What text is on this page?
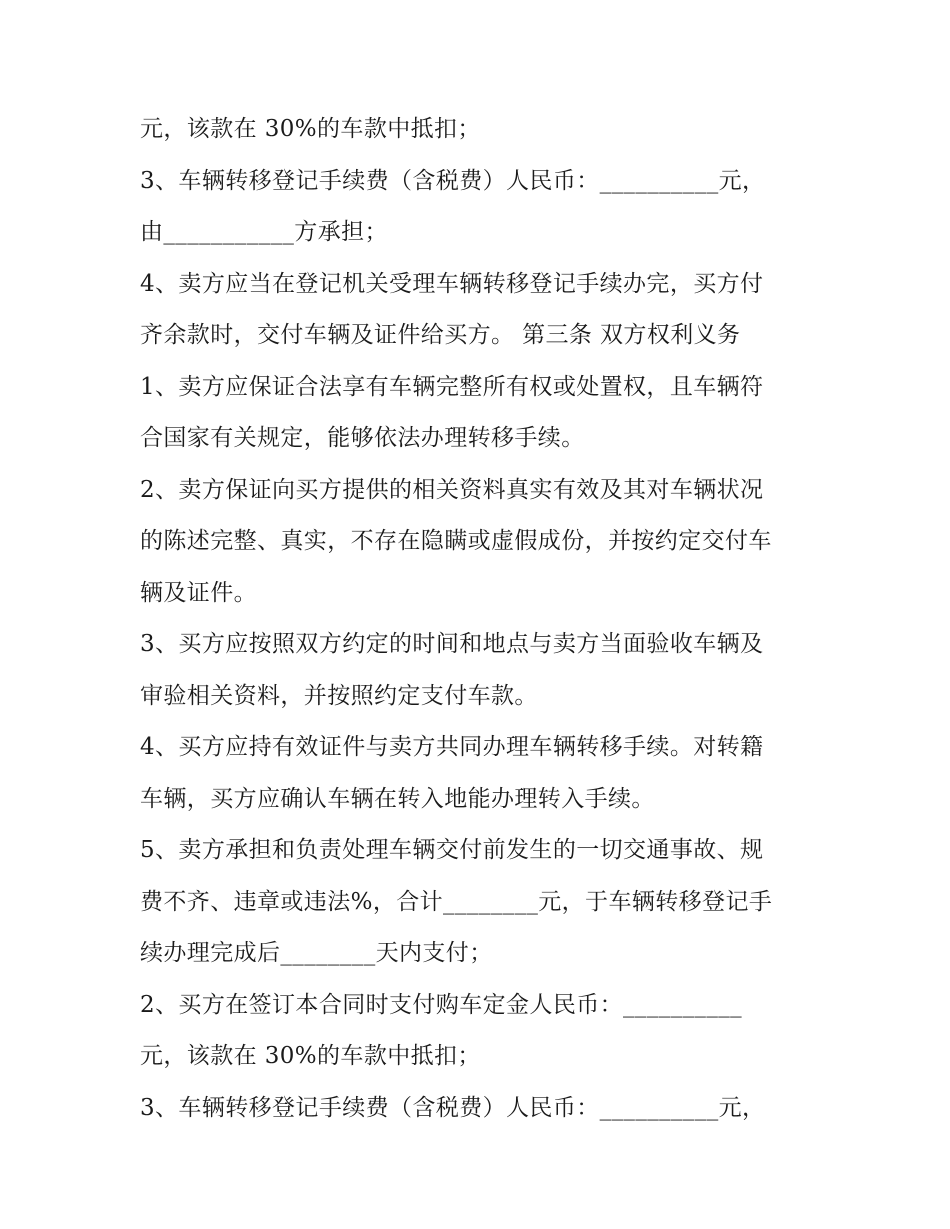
元，该款在 30%的车款中抵扣；
3、车辆转移登记手续费（含税费）人民币：__________元，
由___________方承担；
4、卖方应当在登记机关受理车辆转移登记手续办完，买方付
齐余款时，交付车辆及证件给买方。 第三条 双方权利义务
1、卖方应保证合法享有车辆完整所有权或处置权，且车辆符
合国家有关规定，能够依法办理转移手续。
2、卖方保证向买方提供的相关资料真实有效及其对车辆状况
的陈述完整、真实，不存在隐瞒或虚假成份，并按约定交付车
辆及证件。
3、买方应按照双方约定的时间和地点与卖方当面验收车辆及
审验相关资料，并按照约定支付车款。
4、买方应持有效证件与卖方共同办理车辆转移手续。对转籍
车辆，买方应确认车辆在转入地能办理转入手续。
5、卖方承担和负责处理车辆交付前发生的一切交通事故、规
费不齐、违章或违法%，合计________元，于车辆转移登记手
续办理完成后________天内支付；
2、买方在签订本合同时支付购车定金人民币：__________
元，该款在 30%的车款中抵扣；
3、车辆转移登记手续费（含税费）人民币：__________元，
